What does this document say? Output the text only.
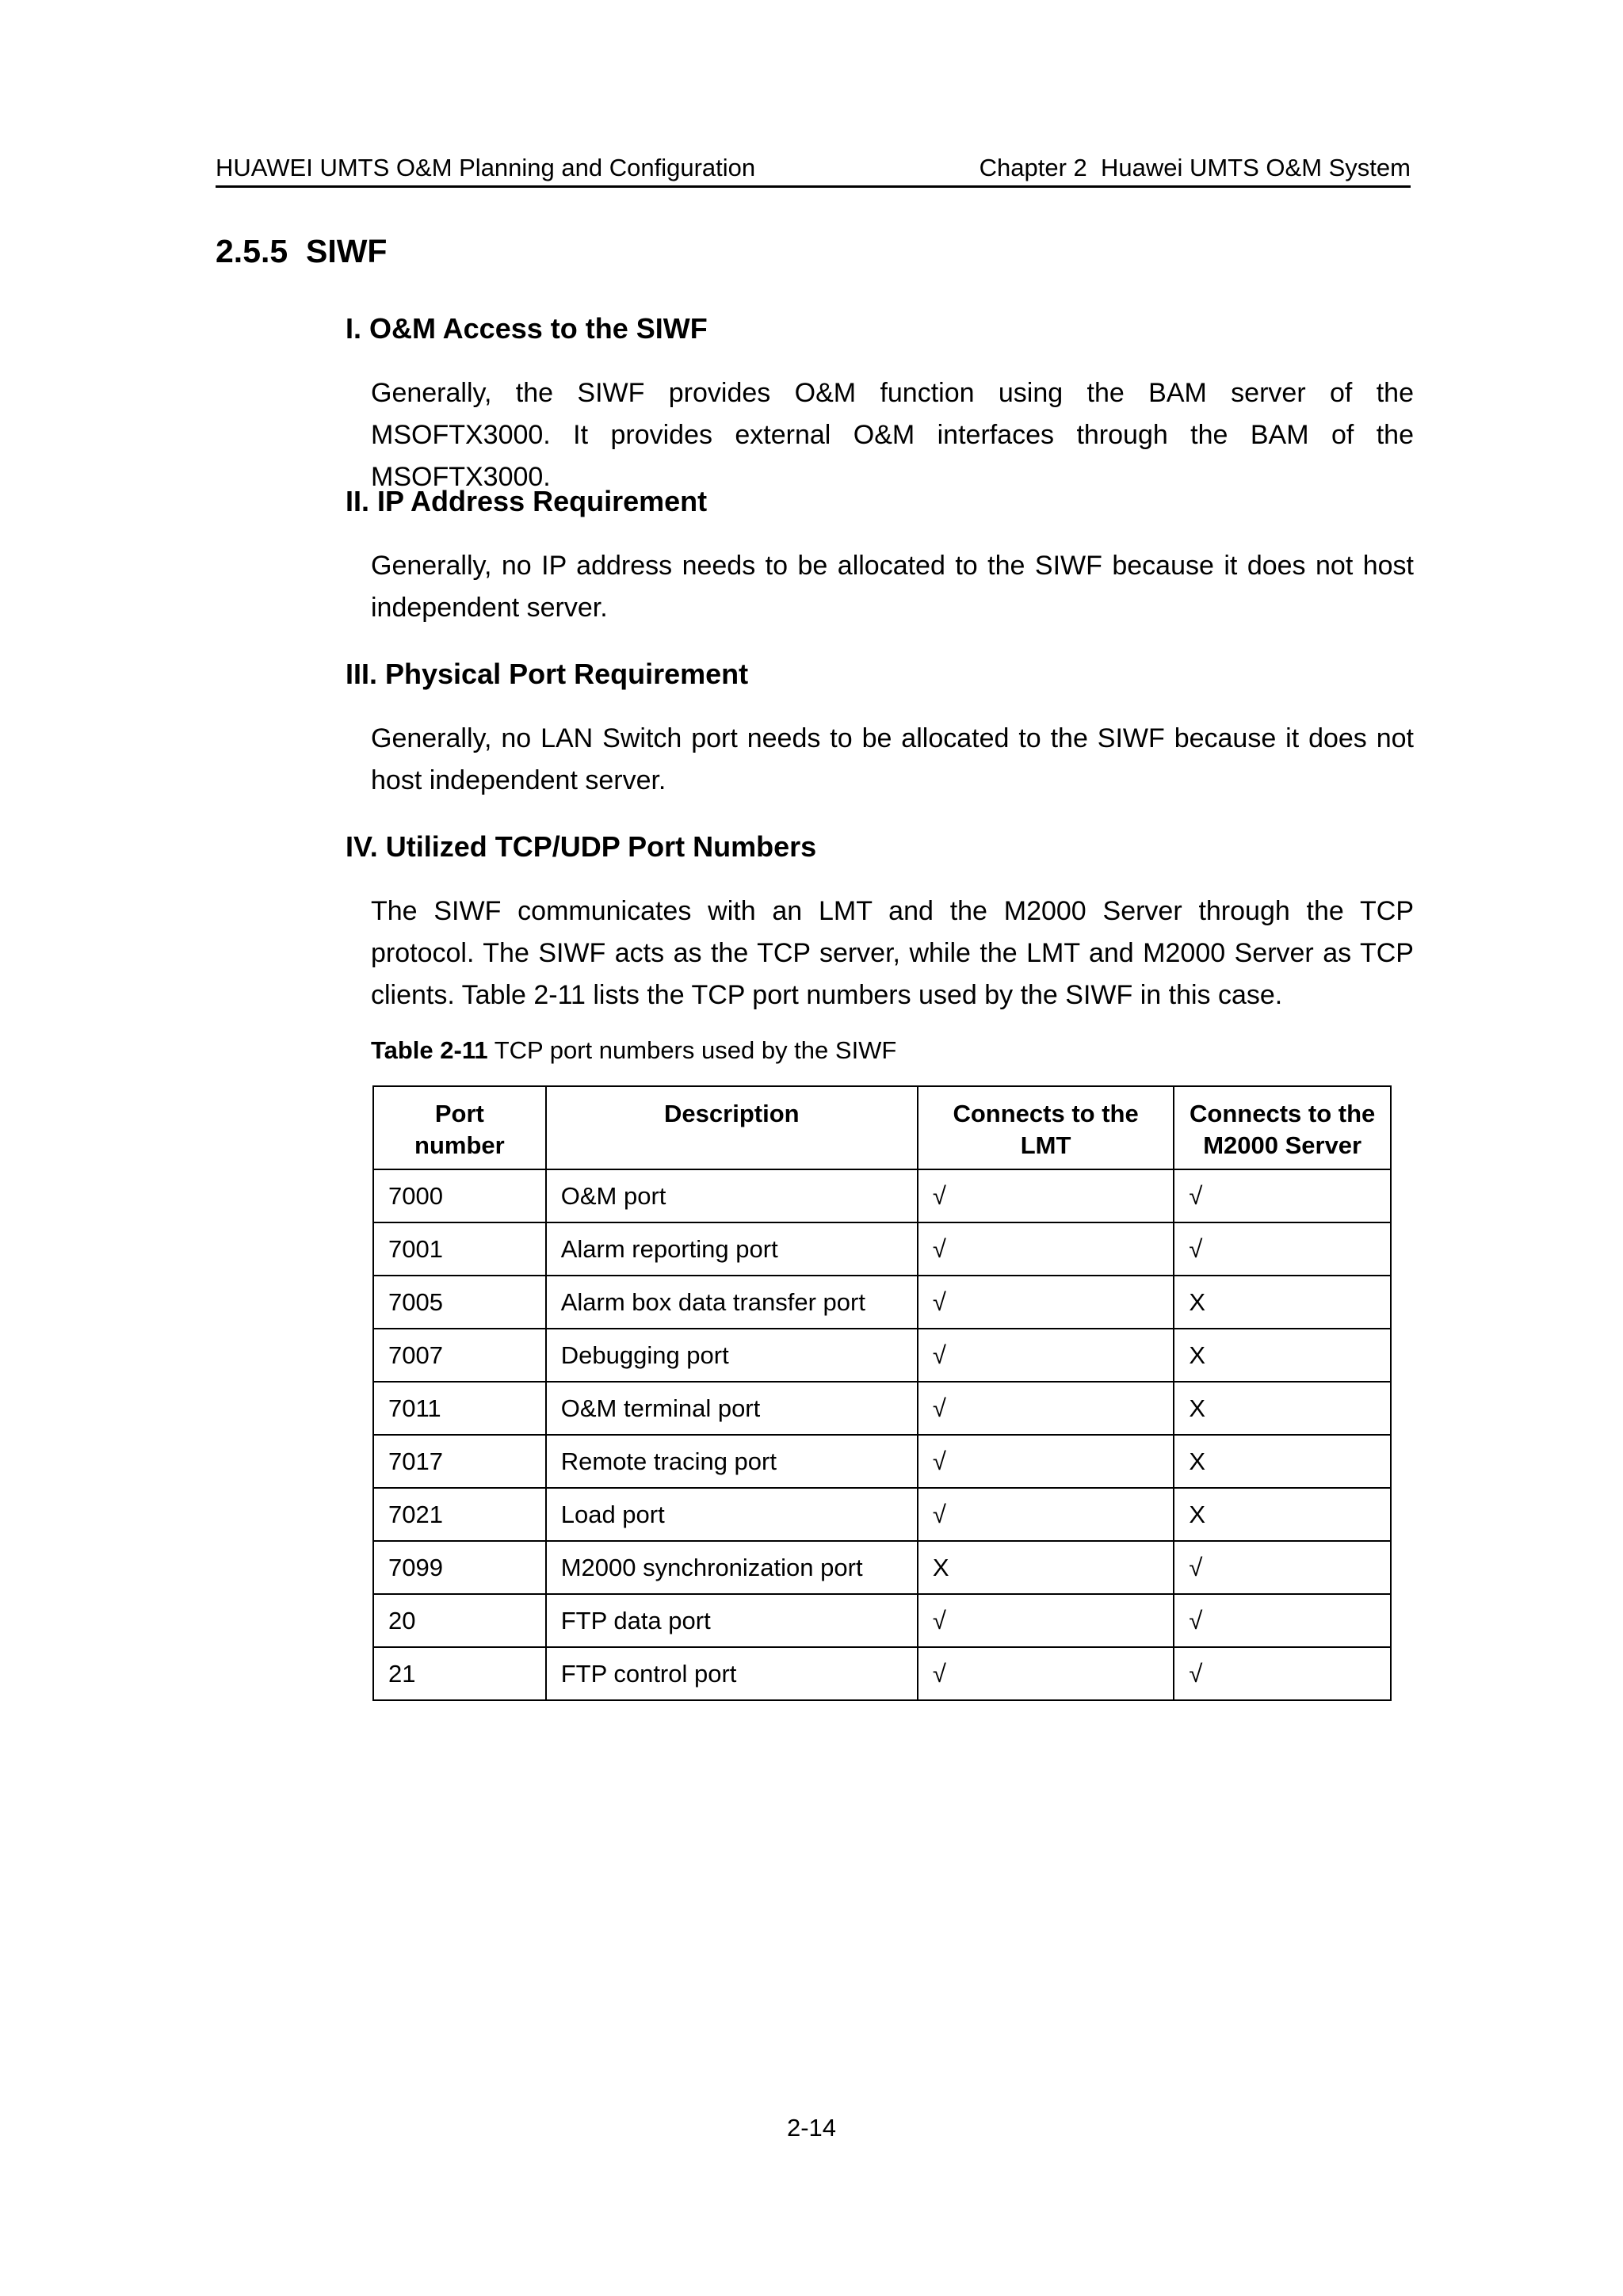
HUAWEI UMTS O&M Planning and Configuration	Chapter 2  Huawei UMTS O&M System
2.5.5  SIWF
I. O&M Access to the SIWF
Generally, the SIWF provides O&M function using the BAM server of the MSOFTX3000. It provides external O&M interfaces through the BAM of the MSOFTX3000.
II. IP Address Requirement
Generally, no IP address needs to be allocated to the SIWF because it does not host independent server.
III. Physical Port Requirement
Generally, no LAN Switch port needs to be allocated to the SIWF because it does not host independent server.
IV. Utilized TCP/UDP Port Numbers
The SIWF communicates with an LMT and the M2000 Server through the TCP protocol. The SIWF acts as the TCP server, while the LMT and M2000 Server as TCP clients. Table 2-11 lists the TCP port numbers used by the SIWF in this case.
Table 2-11 TCP port numbers used by the SIWF
Port number	Description	Connects to the LMT	Connects to the M2000 Server
7000	O&M port	√	√
7001	Alarm reporting port	√	√
7005	Alarm box data transfer port	√	X
7007	Debugging port	√	X
7011	O&M terminal port	√	X
7017	Remote tracing port	√	X
7021	Load port	√	X
7099	M2000 synchronization port	X	√
20	FTP data port	√	√
21	FTP control port	√	√
2-14
